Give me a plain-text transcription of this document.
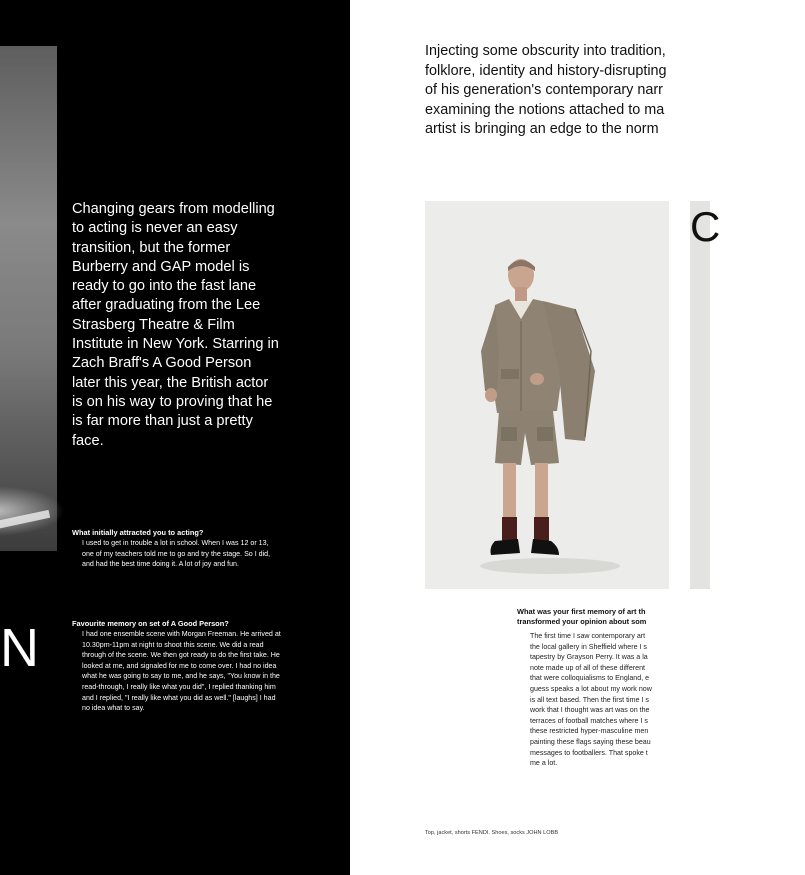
N

Changing gears from modelling to acting is never an easy transition, but the former Burberry and GAP model is ready to go into the fast lane after graduating from the Lee Strasberg Theatre & Film Institute in New York. Starring in Zach Braff's A Good Person later this year, the British actor is on his way to proving that he is far more than just a pretty face.

What initially attracted you to acting?

I used to get in trouble a lot in school. When I was 12 or 13, one of my teachers told me to go and try the stage. So I did, and had the best time doing it. A lot of joy and fun.

Favourite memory on set of A Good Person?

I had one ensemble scene with Morgan Freeman. He arrived at 10.30pm-11pm at night to shoot this scene. We did a read through of the scene. We then got ready to do the first take. He looked at me, and signaled for me to come over. I had no idea what he was going to say to me, and he says, "You know in the read-through, I really like what you did", I replied thanking him and I replied, "I really like what you did as well." [laughs] I had no idea what to say.

Injecting some obscurity into tradition,
folklore, identity and history-disrupting
of his generation's contemporary narr
examining the notions attached to ma
artist is bringing an edge to the norm

C

What was your first memory of art th
transformed your opinion about som

The first time I saw contemporary art
the local gallery in Sheffield where I s
tapestry by Grayson Perry. It was a la
note made up of all of these different
that were colloquialisms to England, e
guess speaks a lot about my work now
is all text based. Then the first time I s
work that I thought was art was on the
terraces of football matches where I s
these restricted hyper-masculine men
painting these flags saying these beau
messages to footballers. That spoke t
me a lot.

Top, jacket, shorts FENDI. Shoes, socks JOHN LOBB
